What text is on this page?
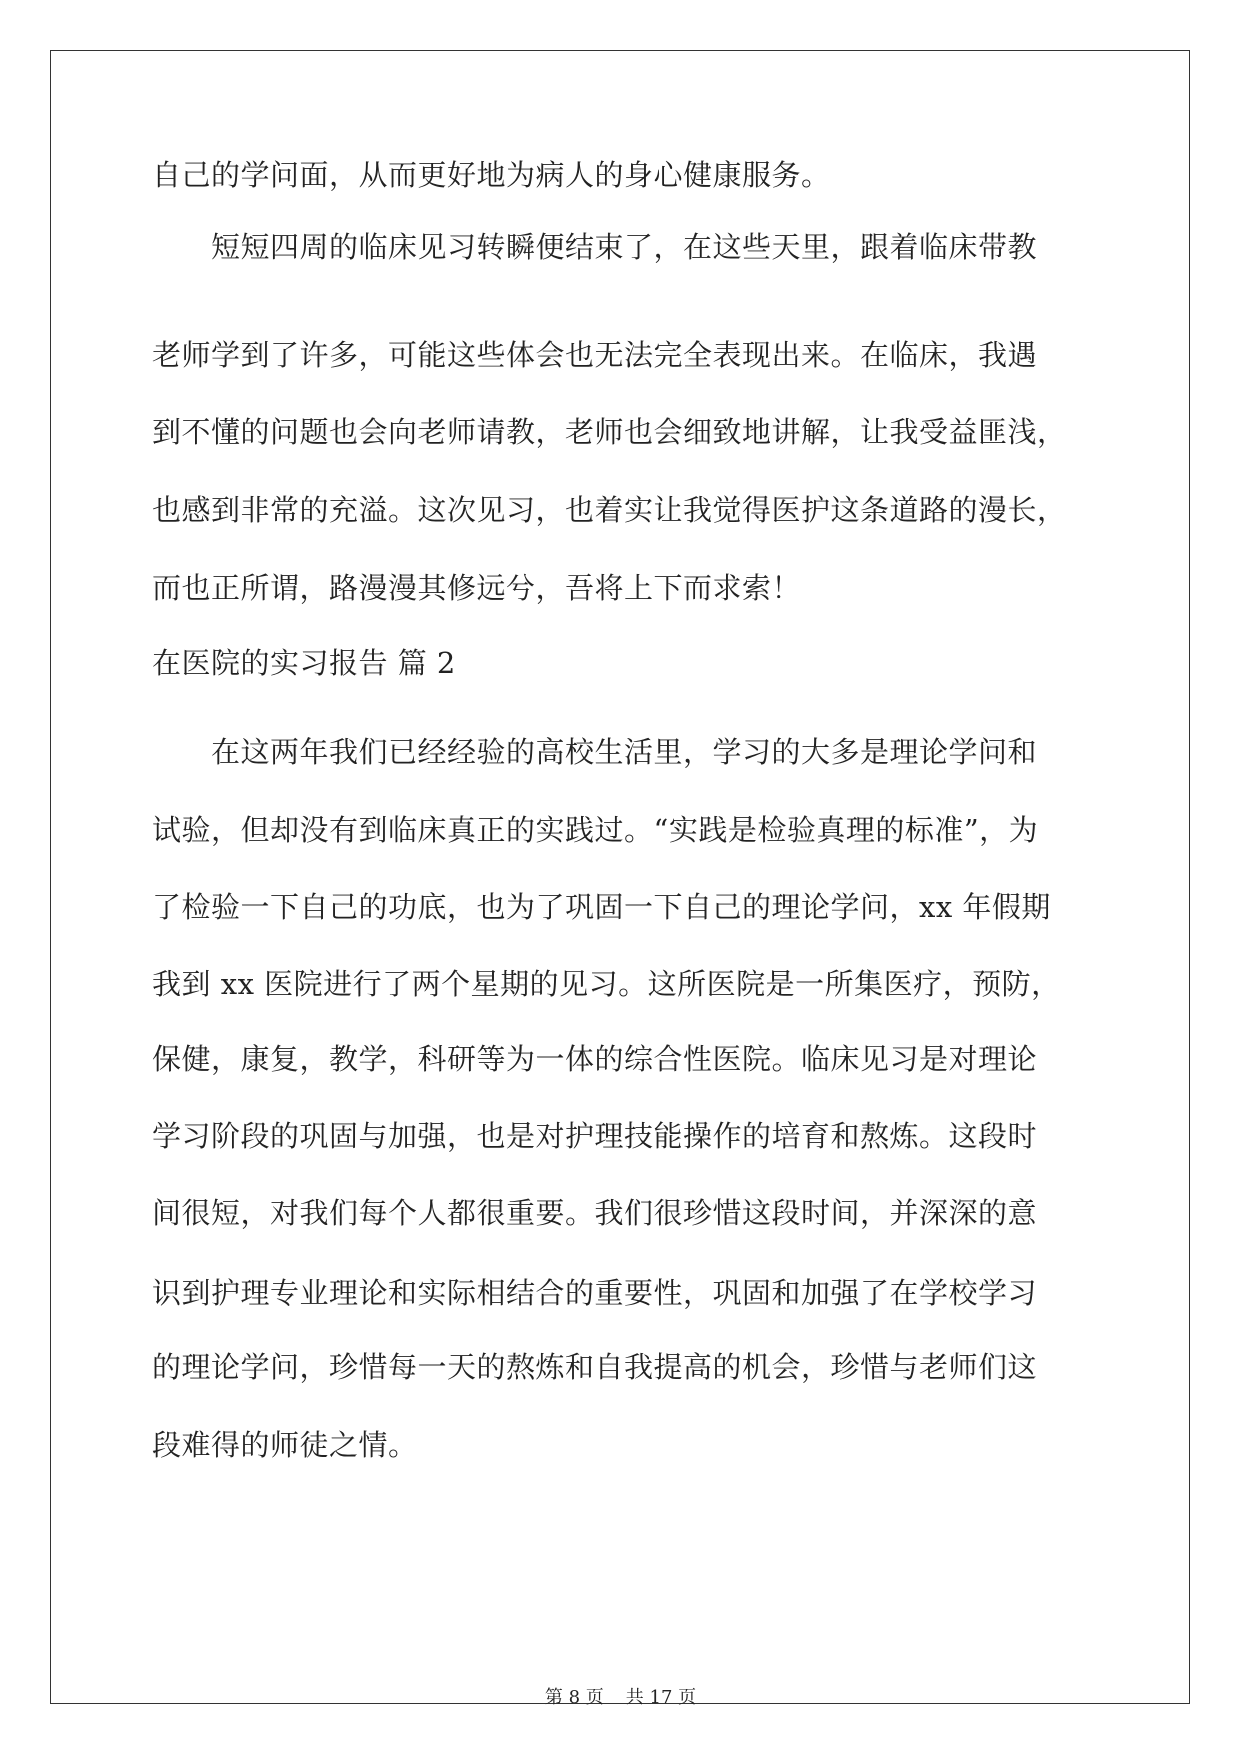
自己的学问面，从而更好地为病人的身心健康服务。
　　短短四周的临床见习转瞬便结束了，在这些天里，跟着临床带教
老师学到了许多，可能这些体会也无法完全表现出来。在临床，我遇
到不懂的问题也会向老师请教，老师也会细致地讲解，让我受益匪浅，
也感到非常的充溢。这次见习，也着实让我觉得医护这条道路的漫长，
而也正所谓，路漫漫其修远兮，吾将上下而求索！
在医院的实习报告 篇 2
　　在这两年我们已经经验的高校生活里，学习的大多是理论学问和
试验，但却没有到临床真正的实践过。“实践是检验真理的标准”，为
了检验一下自己的功底，也为了巩固一下自己的理论学问，xx 年假期
我到 xx 医院进行了两个星期的见习。这所医院是一所集医疗，预防，
保健，康复，教学，科研等为一体的综合性医院。临床见习是对理论
学习阶段的巩固与加强，也是对护理技能操作的培育和熬炼。这段时
间很短，对我们每个人都很重要。我们很珍惜这段时间，并深深的意
识到护理专业理论和实际相结合的重要性，巩固和加强了在学校学习
的理论学问，珍惜每一天的熬炼和自我提高的机会，珍惜与老师们这
段难得的师徒之情。
第 8 页 共 17 页
